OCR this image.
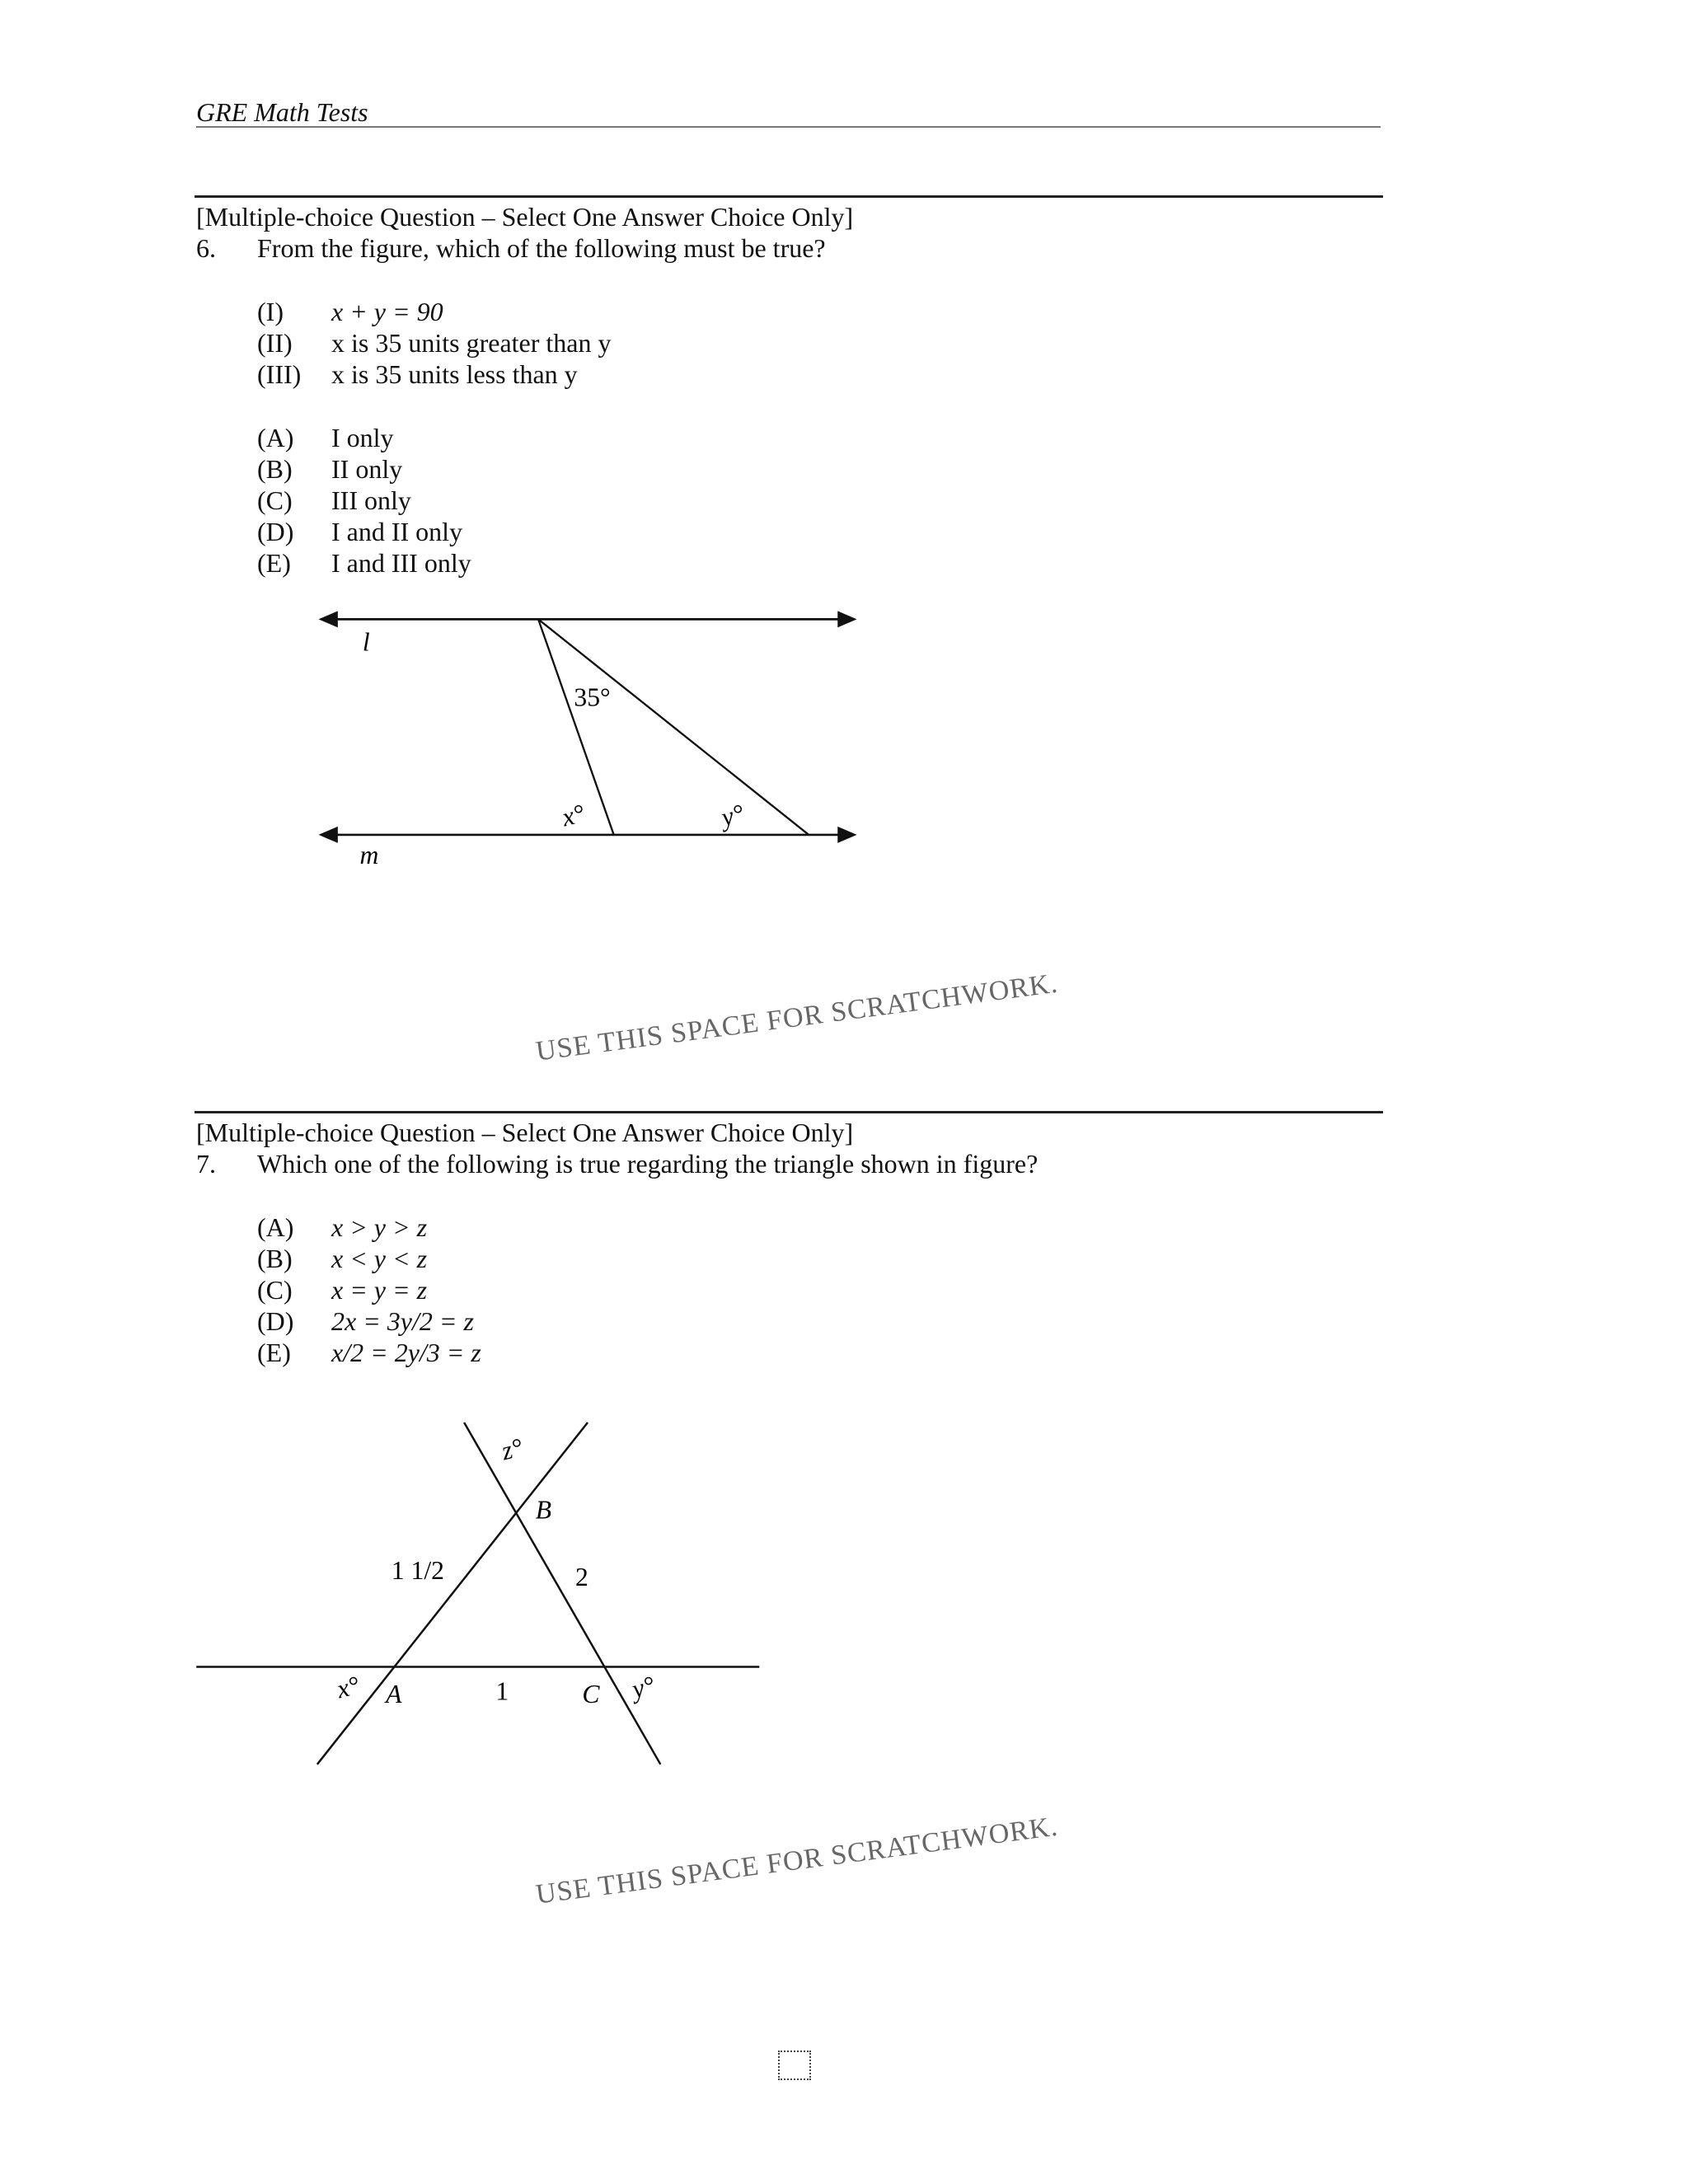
GRE Math Tests
[Multiple-choice Question – Select One Answer Choice Only]
6. From the figure, which of the following must be true?
(I) x + y = 90
(II) x is 35 units greater than y
(III) x is 35 units less than y
(A) I only
(B) II only
(C) III only
(D) I and II only
(E) I and III only
l
m
35°
x°	y°
USE THIS SPACE FOR SCRATCHWORK.
[Multiple-choice Question – Select One Answer Choice Only]
7. Which one of the following is true regarding the triangle shown in figure?
(A) x > y > z
(B) x < y < z
(C) x = y = z
(D) 2x = 3y/2 = z
(E) x/2 = 2y/3 = z
z°
B
1 1/2	2
x° A	1	C y°
USE THIS SPACE FOR SCRATCHWORK.
